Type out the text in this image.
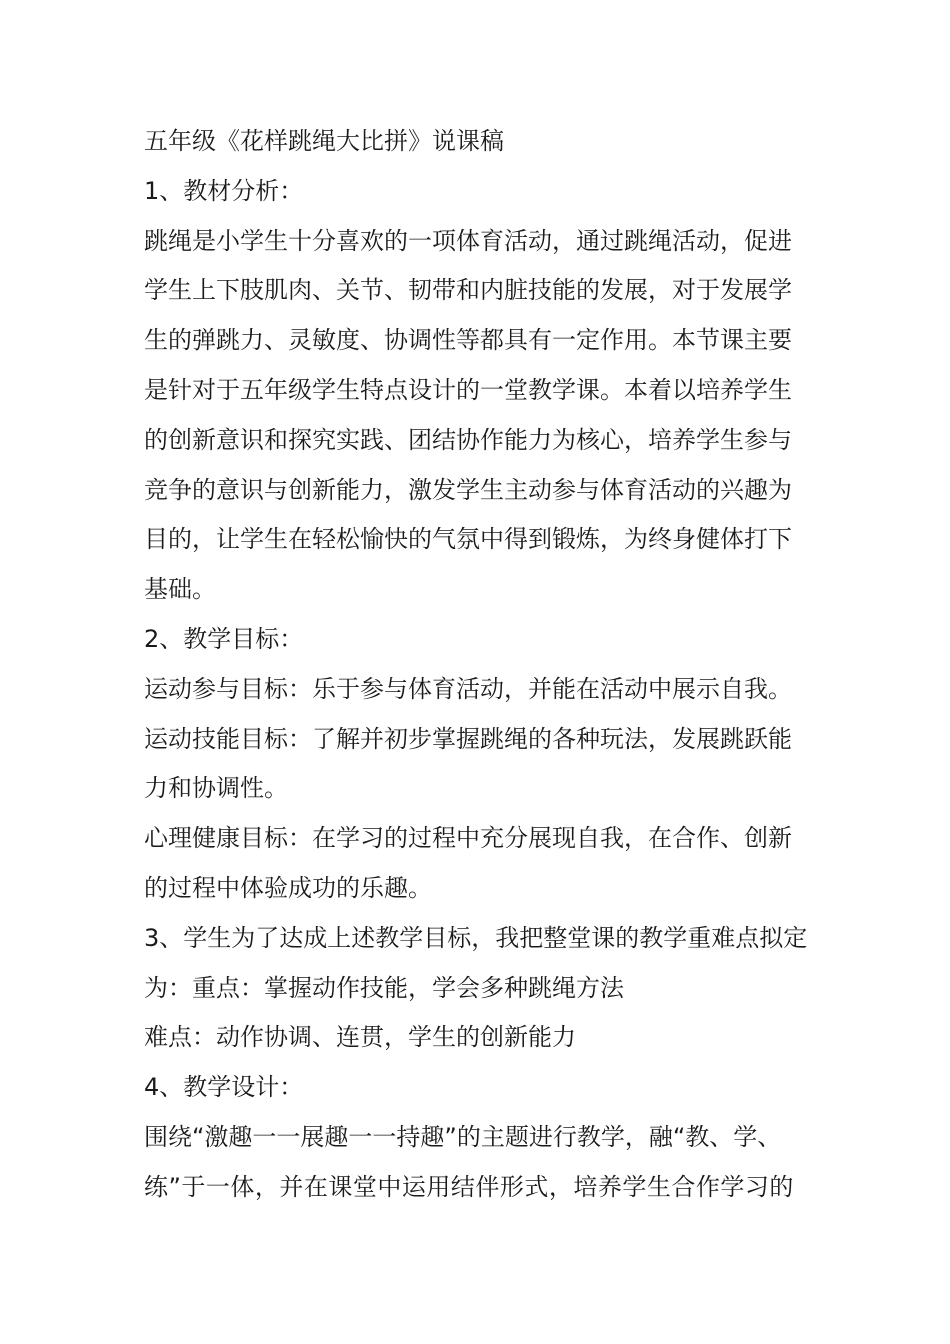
五年级《花样跳绳大比拼》说课稿
1、教材分析：
跳绳是小学生十分喜欢的一项体育活动，通过跳绳活动，促进
学生上下肢肌肉、关节、韧带和内脏技能的发展，对于发展学
生的弹跳力、灵敏度、协调性等都具有一定作用。本节课主要
是针对于五年级学生特点设计的一堂教学课。本着以培养学生
的创新意识和探究实践、团结协作能力为核心，培养学生参与
竞争的意识与创新能力，激发学生主动参与体育活动的兴趣为
目的，让学生在轻松愉快的气氛中得到锻炼，为终身健体打下
基础。
2、教学目标：
运动参与目标：乐于参与体育活动，并能在活动中展示自我。
运动技能目标：了解并初步掌握跳绳的各种玩法，发展跳跃能
力和协调性。
心理健康目标：在学习的过程中充分展现自我，在合作、创新
的过程中体验成功的乐趣。
3、学生为了达成上述教学目标，我把整堂课的教学重难点拟定
为：重点：掌握动作技能，学会多种跳绳方法
难点：动作协调、连贯，学生的创新能力
4、教学设计：
围绕“激趣一一展趣一一持趣”的主题进行教学，融“教、学、
练”于一体，并在课堂中运用结伴形式，培养学生合作学习的
